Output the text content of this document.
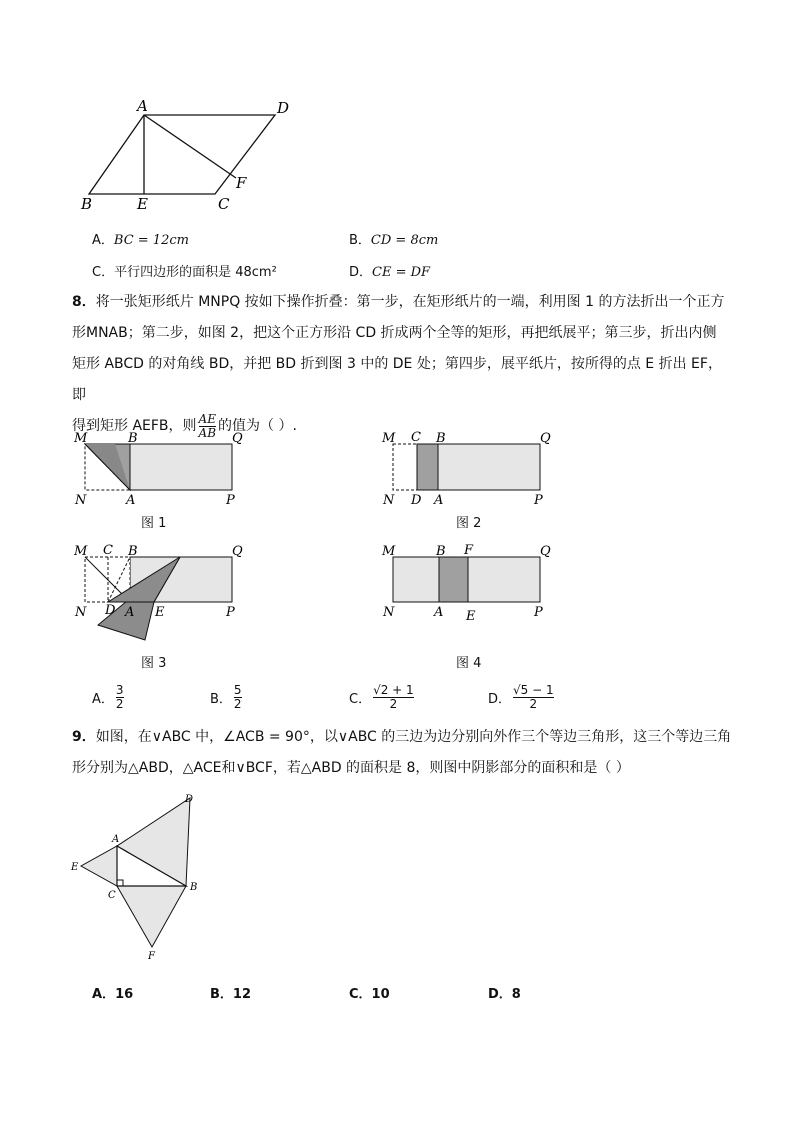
A	D
B	E	C
F
A．BC = 12cm	B．CD = 8cm
C．平行四边形的面积是 48cm²	D．CE = DF
8．将一张矩形纸片 MNPQ 按如下操作折叠：第一步，在矩形纸片的一端，利用图 1 的方法折出一个正方
形MNAB；第二步，如图 2，把这个正方形沿 CD 折成两个全等的矩形，再把纸展平；第三步，折出内侧
矩形 ABCD 的对角线 BD，并把 BD 折到图 3 中的 DE 处；第四步，展平纸片，按所得的点 E 折出 EF，即
得到矩形 AEFB，则 $\frac{AE}{AB}$ 的值为（ ）.
M	B	Q
N	A	P
图 1
M C B	Q
N D A	P
图 2
M C B	Q
N D A E	P
图 3
M	B F	Q
N	A E	P
图 4
A． $\frac{3}{2}$	B． $\frac{5}{2}$	C． $\frac{√2 + 1}{2}$	D． $\frac{√5 - 1}{2}$
9．如图，在∨ABC 中，∠ACB = 90°，以∨ABC 的三边为边分别向外作三个等边三角形，这三个等边三角
形分别为△ABD，△ACE和∨BCF，若△ABD 的面积是 8，则图中阴影部分的面积和是（ ）
D
A
E
B
C
F
A．16	B．12	C．10	D．8
